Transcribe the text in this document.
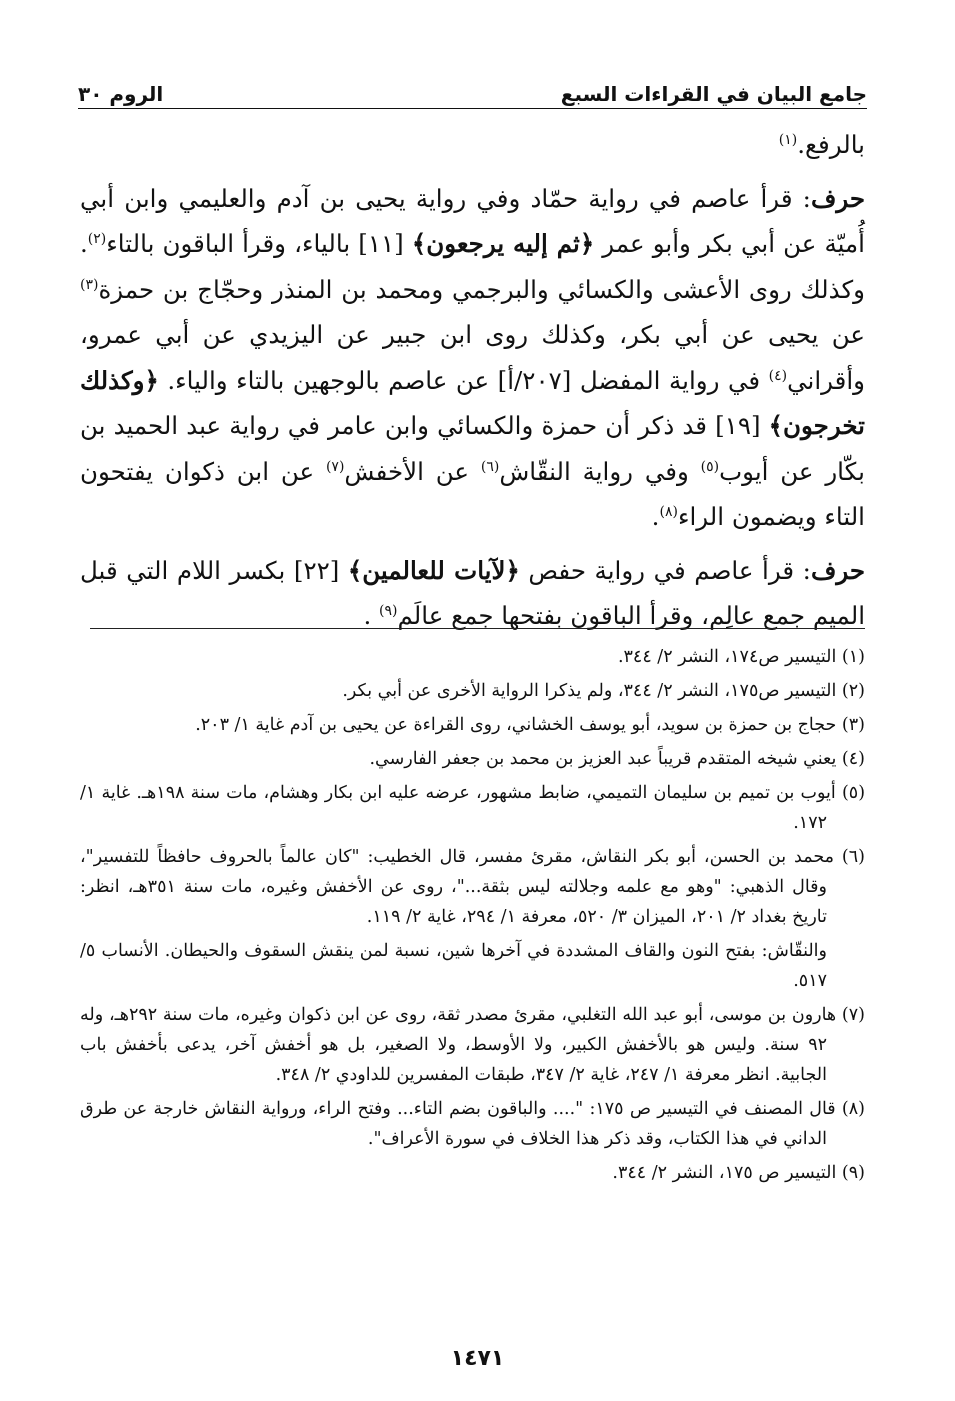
جامع البيان في القراءات السبع
الروم ٣٠

بالرفع.$^{(١)}$

حرف: قرأ عاصم في رواية حمّاد وفي رواية يحيى بن آدم والعليمي وابن أبي أُميّة عن أبي بكر وأبو عمر ﴿ثم إليه يرجعون﴾ [١١] بالياء، وقرأ الباقون بالتاء$^{(٢)}$. وكذلك روى الأعشى والكسائي والبرجمي ومحمد بن المنذر وحجّاج بن حمزة$^{(٣)}$ عن يحيى عن أبي بكر، وكذلك روى ابن جبير عن اليزيدي عن أبي عمرو، وأقراني$^{(٤)}$ في رواية المفضل [٢٠٧/أ] عن عاصم بالوجهين بالتاء والياء. ﴿وكذلك تخرجون﴾ [١٩] قد ذكر أن حمزة والكسائي وابن عامر في رواية عبد الحميد بن بكّار عن أيوب$^{(٥)}$ وفي رواية النقّاش$^{(٦)}$ عن الأخفش$^{(٧)}$ عن ابن ذكوان يفتحون التاء ويضمون الراء$^{(٨)}$.

حرف: قرأ عاصم في رواية حفص ﴿لآيات للعالمين﴾ [٢٢] بكسر اللام التي قبل الميم جمع عالِم، وقرأ الباقون بفتحها جمع عالَم$^{(٩)}$ .

(١) التيسير ص١٧٤، النشر ٢/ ٣٤٤.

(٢) التيسير ص١٧٥، النشر ٢/ ٣٤٤، ولم يذكرا الرواية الأخرى عن أبي بكر.

(٣) حجاج بن حمزة بن سويد، أبو يوسف الخشاني، روى القراءة عن يحيى بن آدم غاية ١/ ٢٠٣.

(٤) يعني شيخه المتقدم قريباً عبد العزيز بن محمد بن جعفر الفارسي.

(٥) أيوب بن تميم بن سليمان التميمي، ضابط مشهور، عرضه عليه ابن بكار وهشام، مات سنة ١٩٨هـ. غاية ١/ ١٧٢.

(٦) محمد بن الحسن، أبو بكر النقاش، مقرئ مفسر، قال الخطيب: "كان عالماً بالحروف حافظاً للتفسير"، وقال الذهبي: "وهو مع علمه وجلالته ليس بثقة..."، روى عن الأخفش وغيره، مات سنة ٣٥١هـ، انظر: تاريخ بغداد ٢/ ٢٠١، الميزان ٣/ ٥٢٠، معرفة ١/ ٢٩٤، غاية ٢/ ١١٩.

والنقّاش: بفتح النون والقاف المشددة في آخرها شين، نسبة لمن ينقش السقوف والحيطان. الأنساب ٥/ ٥١٧.

(٧) هارون بن موسى، أبو عبد الله التغلبي، مقرئ مصدر ثقة، روى عن ابن ذكوان وغيره، مات سنة ٢٩٢هـ، وله ٩٢ سنة. وليس هو بالأخفش الكبير، ولا الأوسط، ولا الصغير، بل هو أخفش آخر، يدعى بأخفش باب الجابية. انظر معرفة ١/ ٢٤٧، غاية ٢/ ٣٤٧، طبقات المفسرين للداودي ٢/ ٣٤٨.

(٨) قال المصنف في التيسير ص ١٧٥: ".... والباقون بضم التاء... وفتح الراء، ورواية النقاش خارجة عن طرق الداني في هذا الكتاب، وقد ذكر هذا الخلاف في سورة الأعراف".

(٩) التيسير ص ١٧٥، النشر ٢/ ٣٤٤.

١٤٧١
